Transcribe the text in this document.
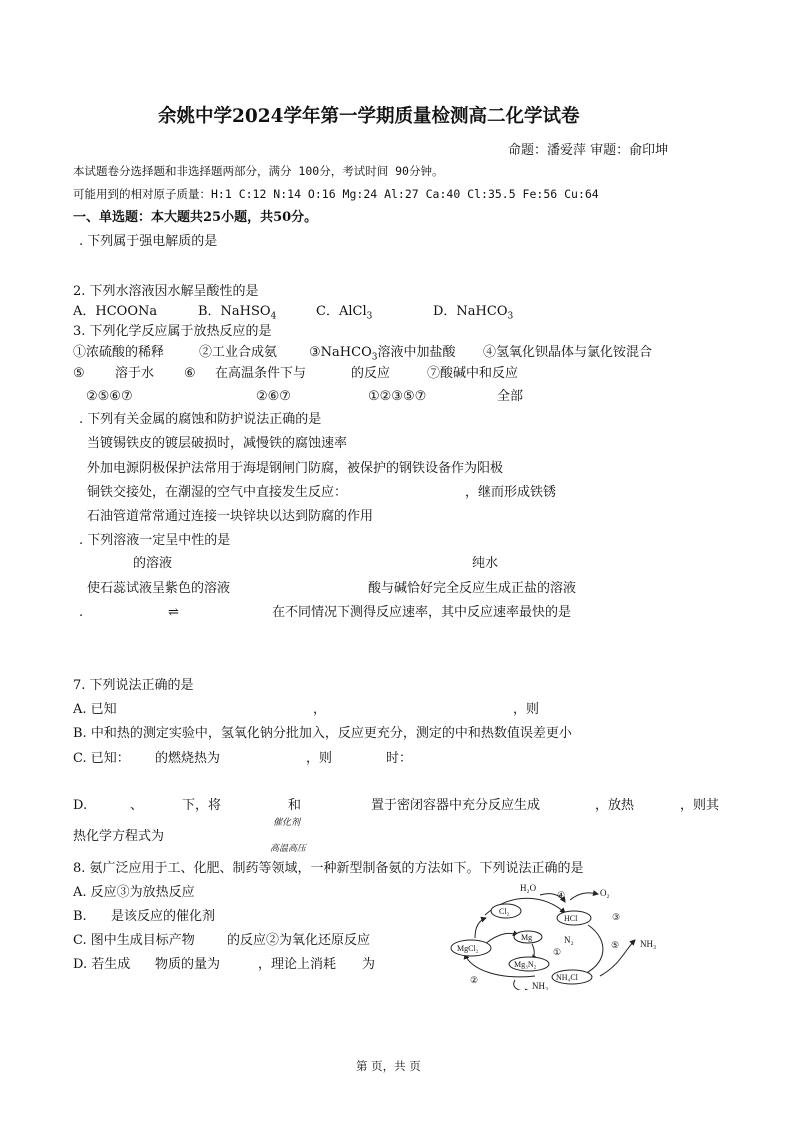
余姚中学2024学年第一学期质量检测高二化学试卷
命题：潘爱萍 审题：俞印坤
本试题卷分选择题和非选择题两部分，满分 100分，考试时间 90分钟。
可能用到的相对原子质量：H:1 C:12 N:14 O:16 Mg:24 Al:27 Ca:40 Cl:35.5 Fe:56 Cu:64
一、单选题：本大题共25小题，共50分。
. 下列属于强电解质的是
2. 下列水溶液因水解呈酸性的是
A．HCOONa	B．NaHSO$_4$	C．AlCl$_3$	D．NaHCO$_3$
3. 下列化学反应属于放热反应的是
①浓硫酸的稀释	②工业合成氨 ③NaHCO$_3$溶液中加盐酸 ④氢氧化钡晶体与氯化铵混合
⑤ 溶于水 ⑥ 在高温条件下与	的反应	⑦酸碱中和反应
②⑤⑥⑦	②⑥⑦	①②③⑤⑦	全部
. 下列有关金属的腐蚀和防护说法正确的是
当镀锡铁皮的镀层破损时，减慢铁的腐蚀速率
外加电源阴极保护法常用于海堤钢闸门防腐，被保护的钢铁设备作为阳极
铜铁交接处，在潮湿的空气中直接发生反应：	，继而形成铁锈
石油管道常常通过连接一块锌块以达到防腐的作用
. 下列溶液一定呈中性的是
的溶液	纯水
使石蕊试液呈紫色的溶液	酸与碱恰好完全反应生成正盐的溶液
.	⇌	在不同情况下测得反应速率，其中反应速率最快的是
7. 下列说法正确的是
A. 已知	，	，则
B. 中和热的测定实验中，氢氧化钠分批加入，反应更充分，测定的中和热数值误差更小
C. 已知： 的燃烧热为	，则	时：
D.	、	下，将	和	置于密闭容器中充分反应生成	，放热	，则其
热化学方程式为
催化剂
高温高压
8. 氨广泛应用于工、化肥、制药等领域，一种新型制备氨的方法如下。下列说法正确的是
A. 反应③为放热反应
B. 是该反应的催化剂
C. 图中生成目标产物 的反应②为氧化还原反应
D. 若生成 物质的量为	，理论上消耗 为
H₂O
④	O₂
Cl₂
HCl
Mg	N₂
①
MgCl₂
Mg₃N₂
NH₄Cl
⑤ NH₃
②
NH₃
③
第 页，共 页
